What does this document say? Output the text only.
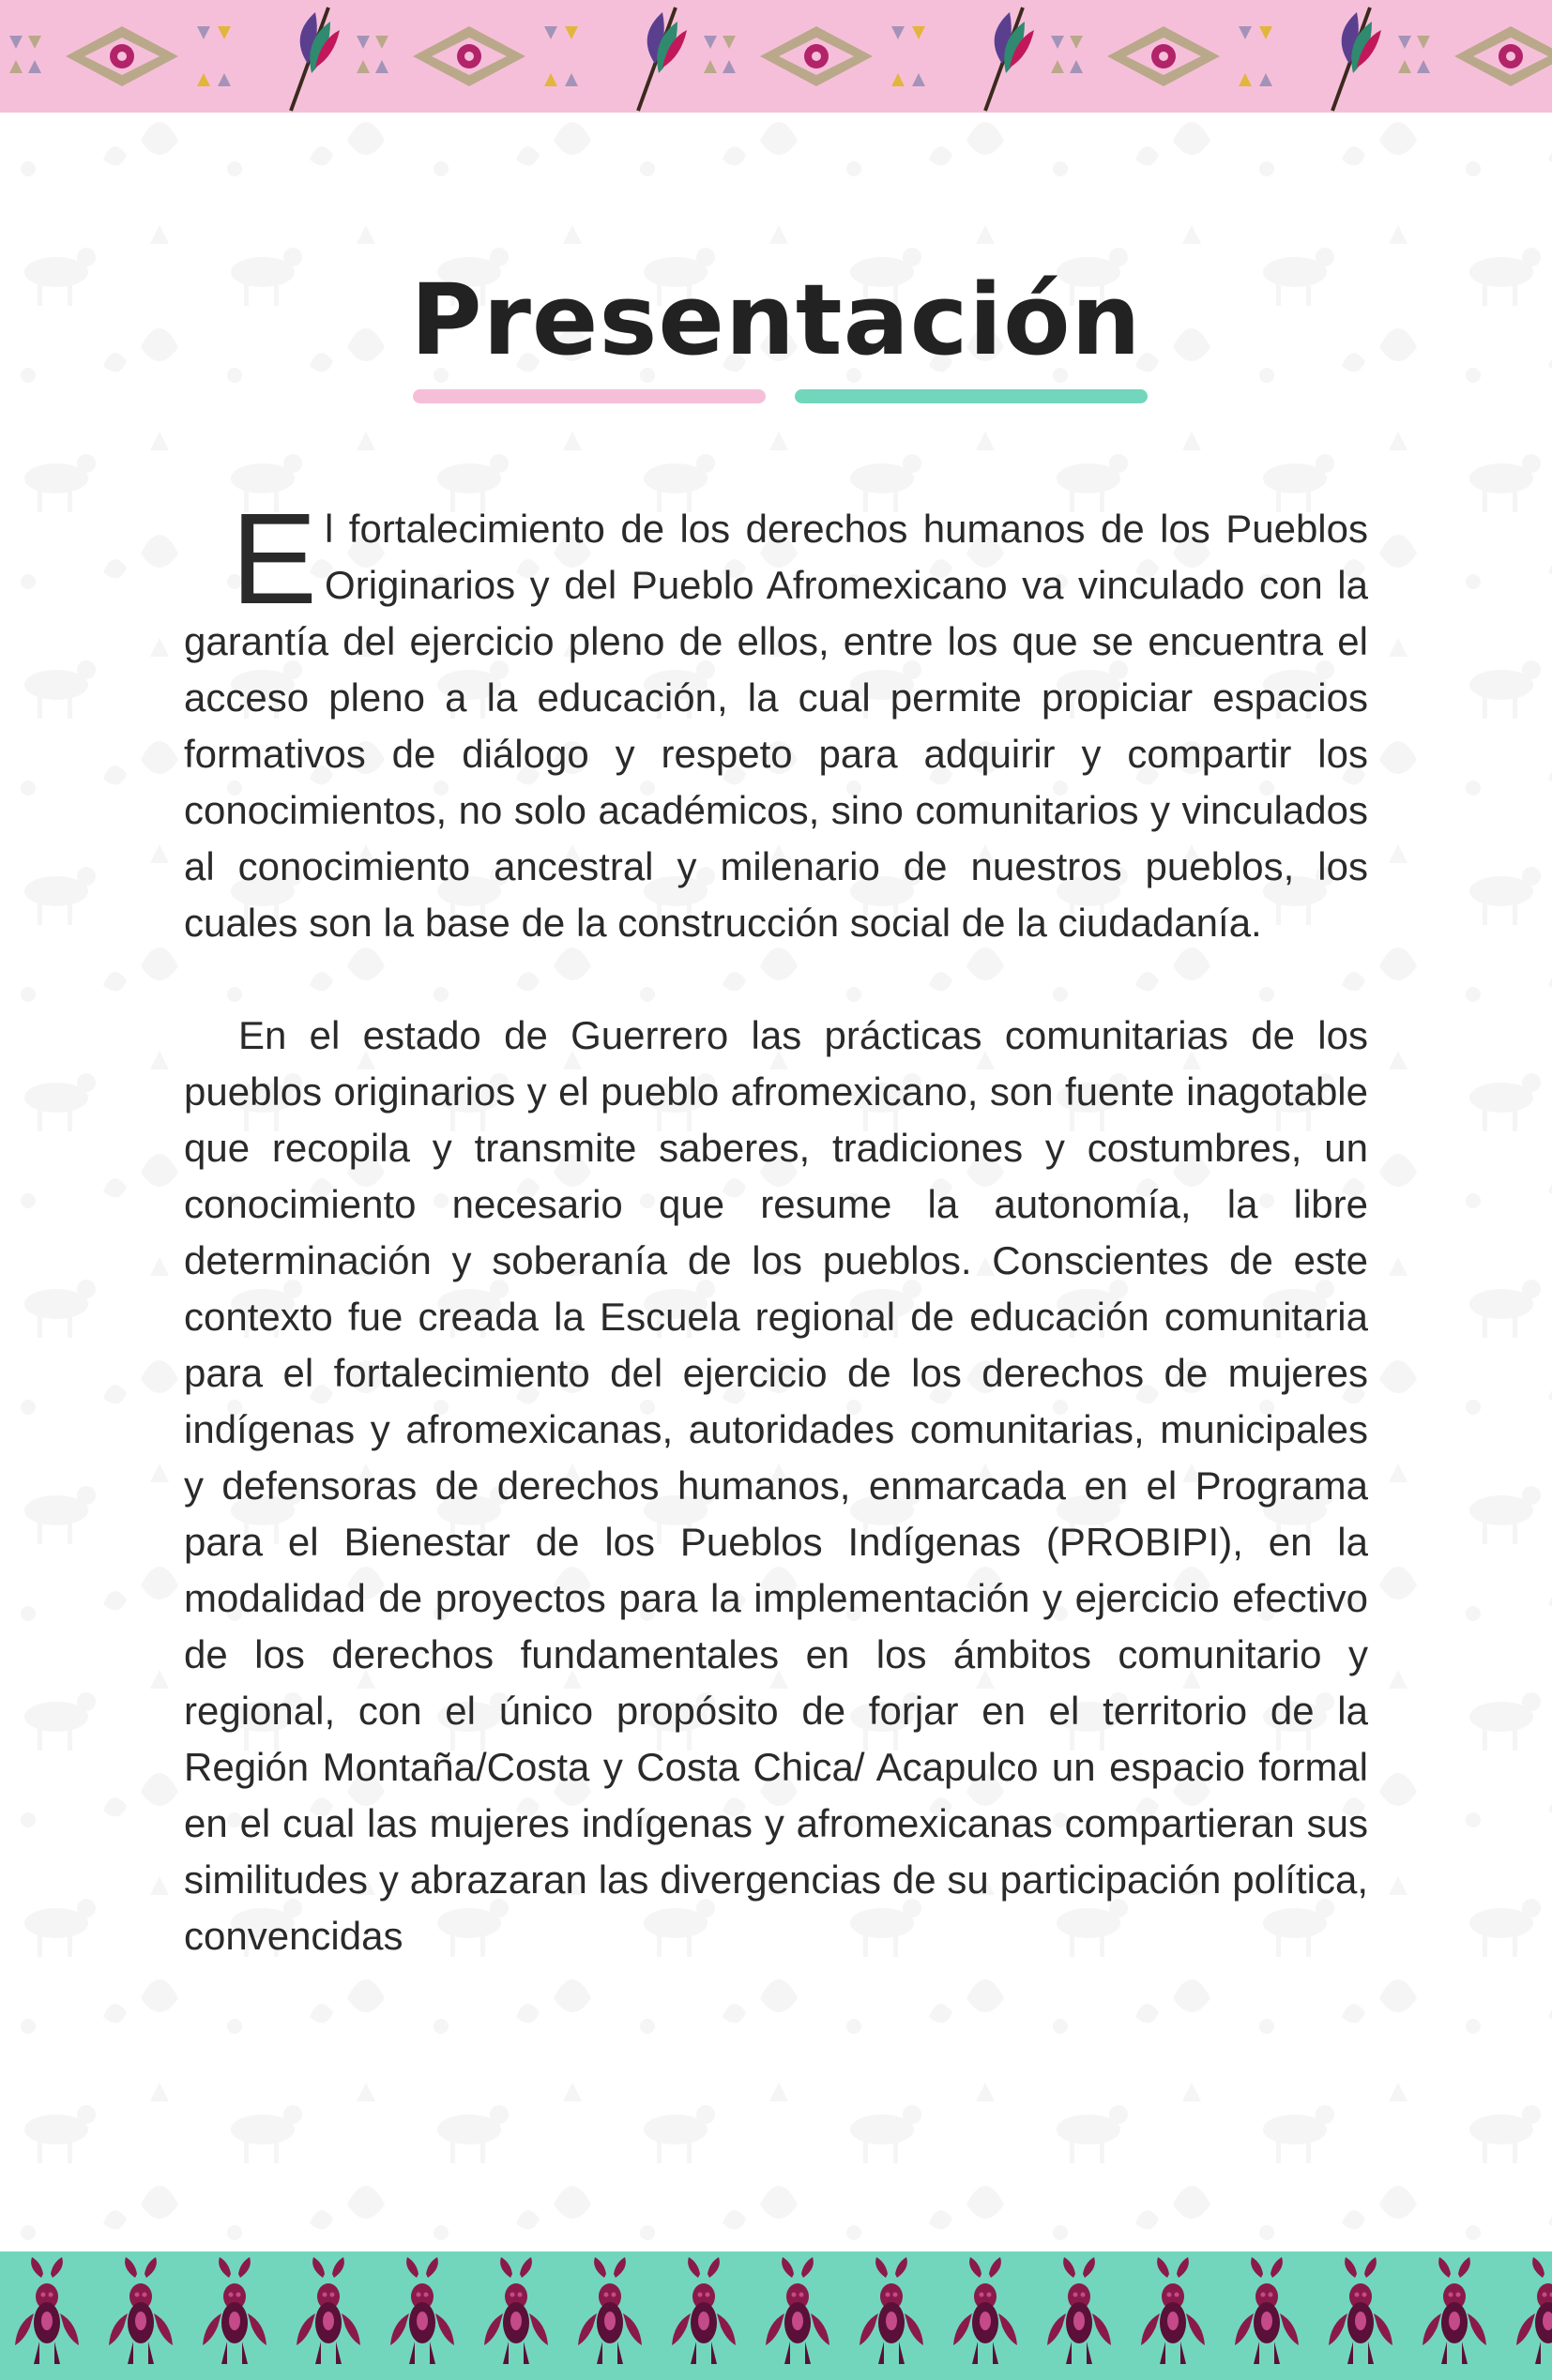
Presentación

El fortalecimiento de los derechos humanos de los Pueblos Originarios y del Pueblo Afromexicano va vinculado con la garantía del ejercicio pleno de ellos, entre los que se encuentra el acceso pleno a la educación, la cual permite propiciar espacios formativos de diálogo y respeto para adquirir y compartir los conocimientos, no solo académicos, sino comunitarios y vinculados al conocimiento ancestral y milenario de nuestros pueblos, los cuales son la base de la construcción social de la ciudadanía.

En el estado de Guerrero las prácticas comunitarias de los pueblos originarios y el pueblo afromexicano, son fuente inagotable que recopila y transmite saberes, tradiciones y costumbres, un conocimiento necesario que resume la autonomía, la libre determinación y soberanía de los pueblos. Conscientes de este contexto fue creada la Escuela regional de educación comunitaria para el fortalecimiento del ejercicio de los derechos de mujeres indígenas y afromexicanas, autoridades comunitarias, municipales y defensoras de derechos humanos, enmarcada en el Programa para el Bienestar de los Pueblos Indígenas (PROBIPI), en la modalidad de proyectos para la implementación y ejercicio efectivo de los derechos fundamentales en los ámbitos comunitario y regional, con el único propósito de forjar en el territorio de la Región Montaña/Costa y Costa Chica/ Acapulco un espacio formal en el cual las mujeres indígenas y afromexicanas compartieran sus similitudes y abrazaran las divergencias de su participación política, convencidas
